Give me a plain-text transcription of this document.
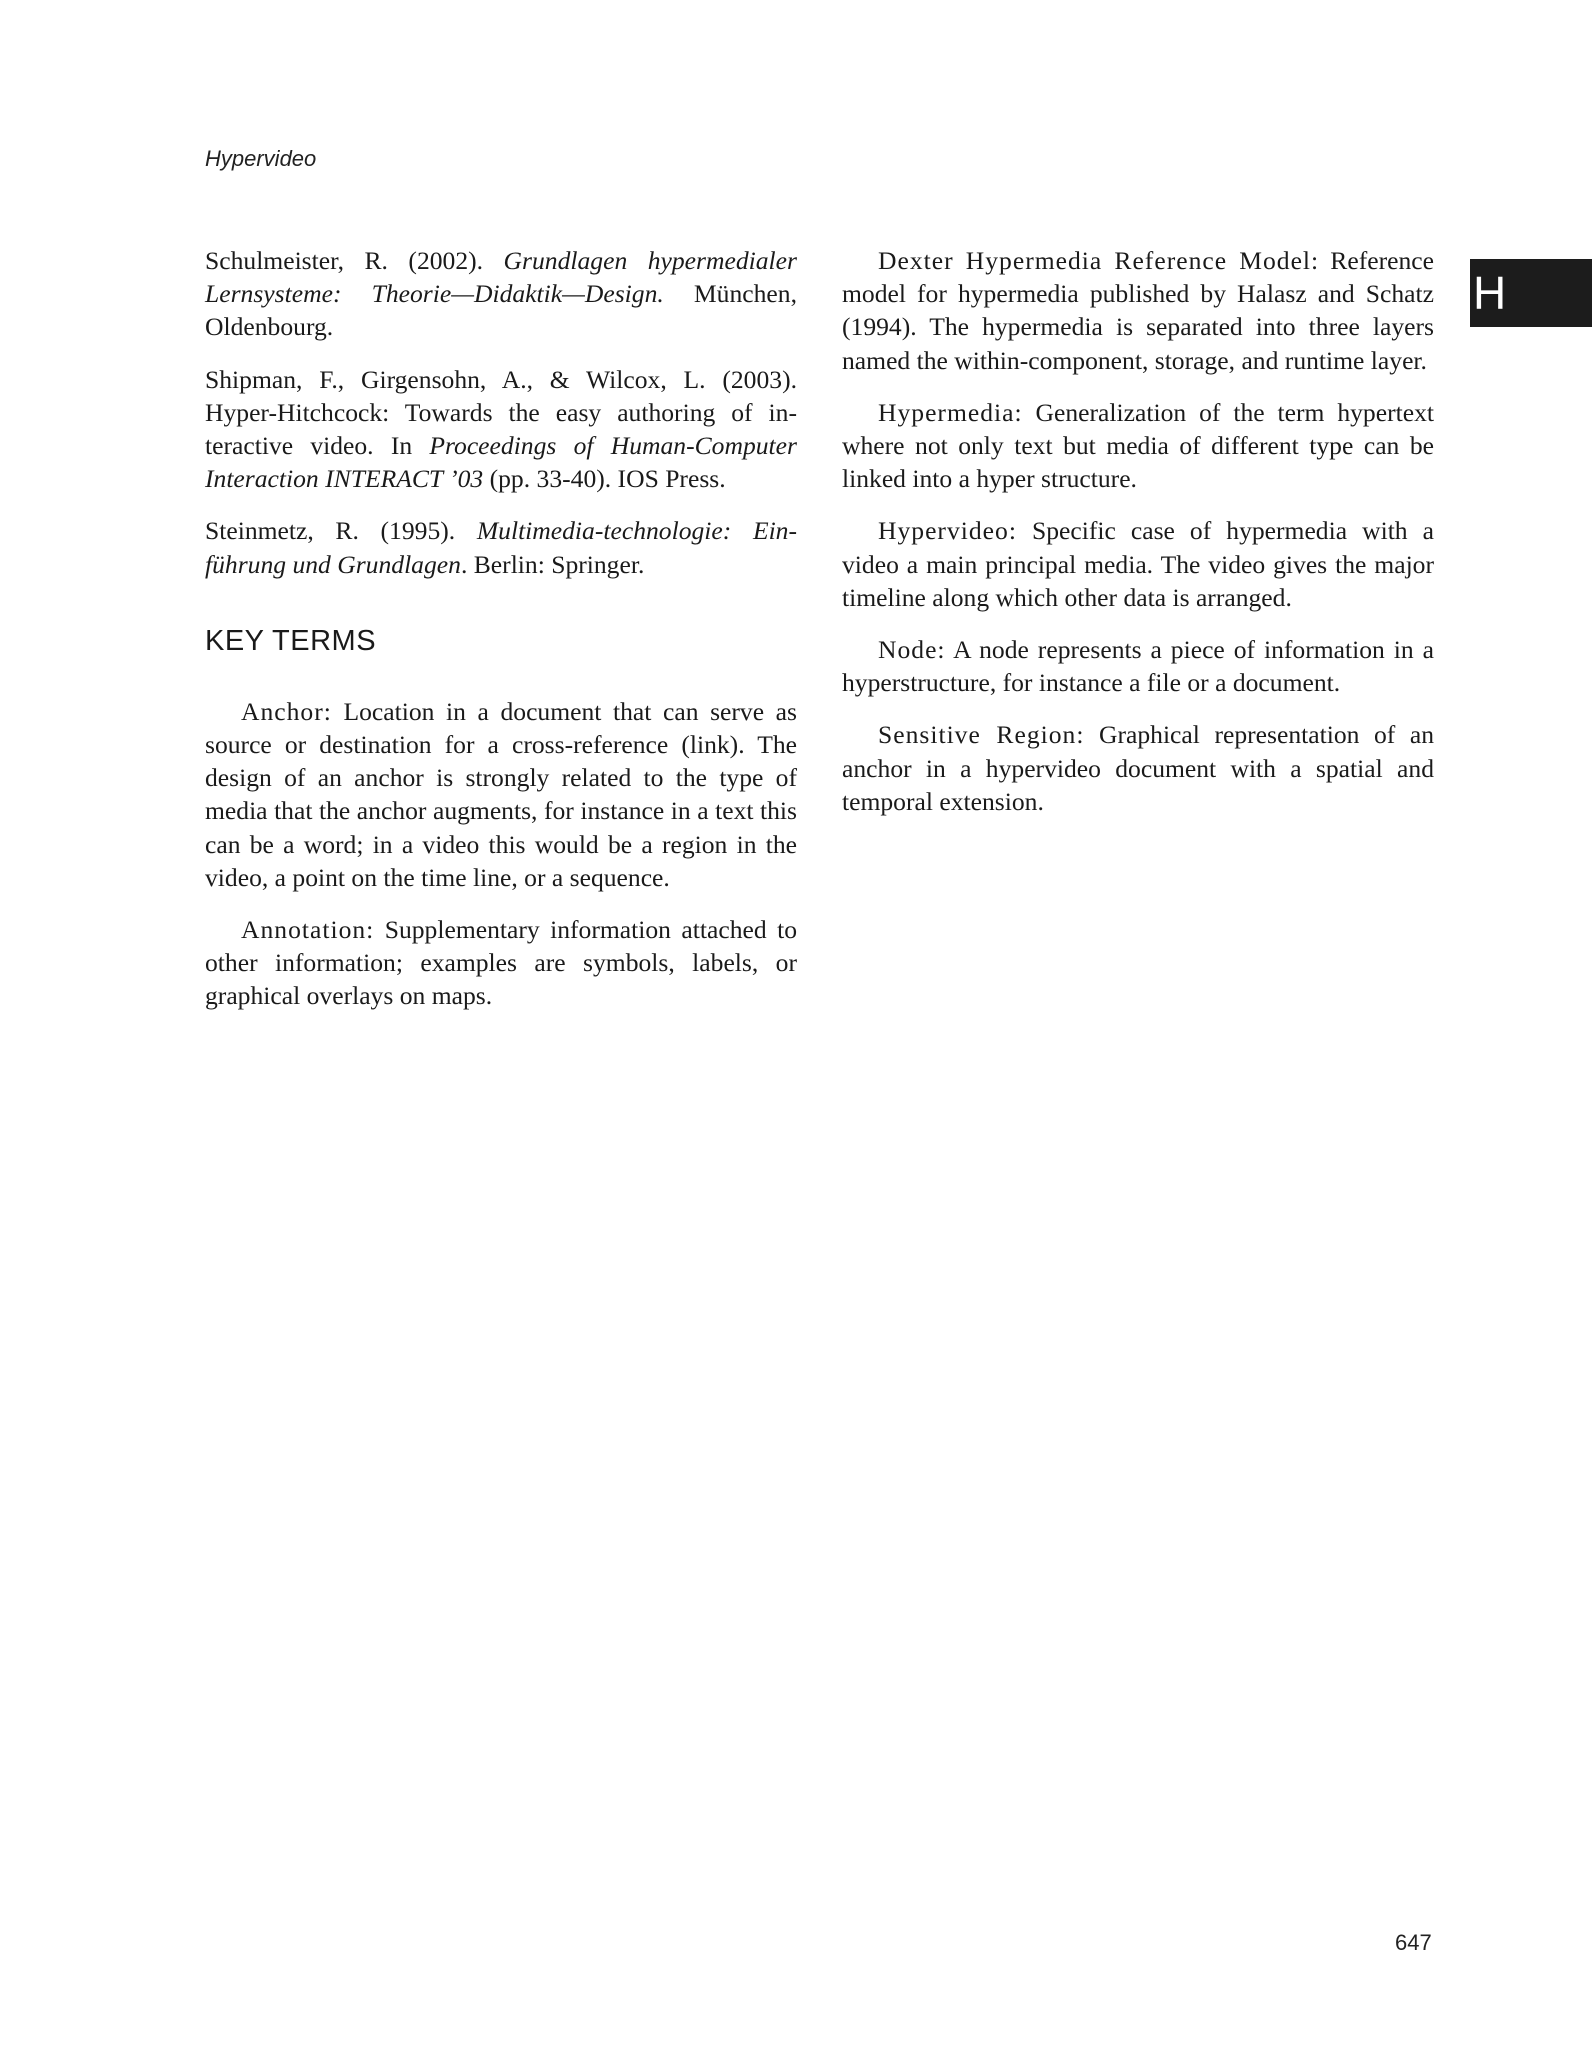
Hypervideo
H

Schulmeister, R. (2002). Grundlagen hypermedialer Lernsysteme: Theorie—Didaktik—Design. München, Oldenbourg.

Shipman, F., Girgensohn, A., & Wilcox, L. (2003). Hyper-Hitchcock: Towards the easy authoring of in-teractive video. In Proceedings of Human-Computer Interaction INTERACT ’03 (pp. 33-40). IOS Press.

Steinmetz, R. (1995). Multimedia-technologie: Ein-führung und Grundlagen. Berlin: Springer.

KEY TERMS

Anchor: Location in a document that can serve as source or destination for a cross-reference (link). The design of an anchor is strongly related to the type of media that the anchor augments, for instance in a text this can be a word; in a video this would be a region in the video, a point on the time line, or a sequence.

Annotation: Supplementary information attached to other information; examples are symbols, labels, or graphical overlays on maps.

Dexter Hypermedia Reference Model: Reference model for hypermedia published by Halasz and Schatz (1994). The hypermedia is separated into three layers named the within-component, storage, and runtime layer.

Hypermedia: Generalization of the term hypertext where not only text but media of different type can be linked into a hyper structure.

Hypervideo: Specific case of hypermedia with a video a main principal media. The video gives the major timeline along which other data is arranged.

Node: A node represents a piece of information in a hyperstructure, for instance a file or a document.

Sensitive Region: Graphical representation of an anchor in a hypervideo document with a spatial and temporal extension.

647
